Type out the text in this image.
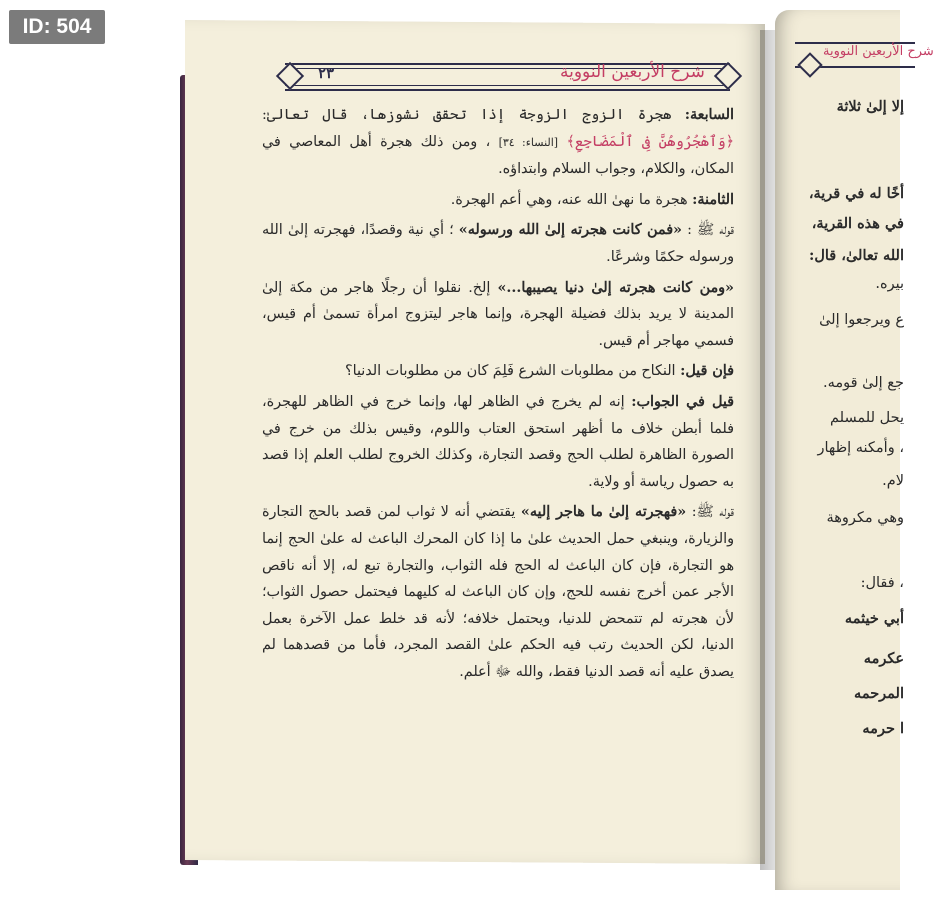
ID: 504
٢٣	شرح الأربعين النووية

السابعة: هجرة الزوج الزوجة إذا تحقق نشوزها، قال تعالىٰ: ﴿وَٱهْجُرُوهُنَّ فِى ٱلْمَضَاجِعِ﴾ [النساء: ٣٤] ، ومن ذلك هجرة أهل المعاصي في المكان، والكلام، وجواب السلام وابتداؤه.

الثامنة: هجرة ما نهىٰ الله عنه، وهي أعم الهجرة.

قوله ﷺ : «فمن كانت هجرته إلىٰ الله ورسوله» ؛ أي نية وقصدًا، فهجرته إلىٰ الله ورسوله حكمًا وشرعًا.

«ومن كانت هجرته إلىٰ دنيا يصيبها...» إلخ. نقلوا أن رجلًا هاجر من مكة إلىٰ المدينة لا يريد بذلك فضيلة الهجرة، وإنما هاجر ليتزوج امرأة تسمىٰ أم قيس، فسمي مهاجر أم قيس.

فإن قيل: النكاح من مطلوبات الشرع فَلِمَ كان من مطلوبات الدنيا؟

قيل في الجواب: إنه لم يخرج في الظاهر لها، وإنما خرج في الظاهر للهجرة، فلما أبطن خلاف ما أظهر استحق العتاب واللوم، وقيس بذلك من خرج في الصورة الظاهرة لطلب الحج وقصد التجارة، وكذلك الخروج لطلب العلم إذا قصد به حصول رياسة أو ولاية.

قوله ﷺ: «فهجرته إلىٰ ما هاجر إليه» يقتضي أنه لا ثواب لمن قصد بالحج التجارة والزيارة، وينبغي حمل الحديث علىٰ ما إذا كان المحرك الباعث له علىٰ الحج إنما هو التجارة، فإن كان الباعث له الحج فله الثواب، والتجارة تبع له، إلا أنه ناقص الأجر عمن أخرج نفسه للحج، وإن كان الباعث له كليهما فيحتمل حصول الثواب؛ لأن هجرته لم تتمحض للدنيا، ويحتمل خلافه؛ لأنه قد خلط عمل الآخرة بعمل الدنيا، لكن الحديث رتب فيه الحكم علىٰ القصد المجرد، فأما من قصدهما لم يصدق عليه أنه قصد الدنيا فقط، والله ﷻ أعلم.

شرح الأربعين النووية
إلا إلىٰ ثلاثة
أخًا له في قرية،
في هذه القرية،
الله تعالىٰ، قال:
بيره.
ع ويرجعوا إلىٰ
جع إلىٰ قومه.
يحل للمسلم
، وأمكنه إظهار
لام.
وهي مكروهة
، فقال:
أبي خيثمه
عكرمه
المرحمه
ا حرمه
